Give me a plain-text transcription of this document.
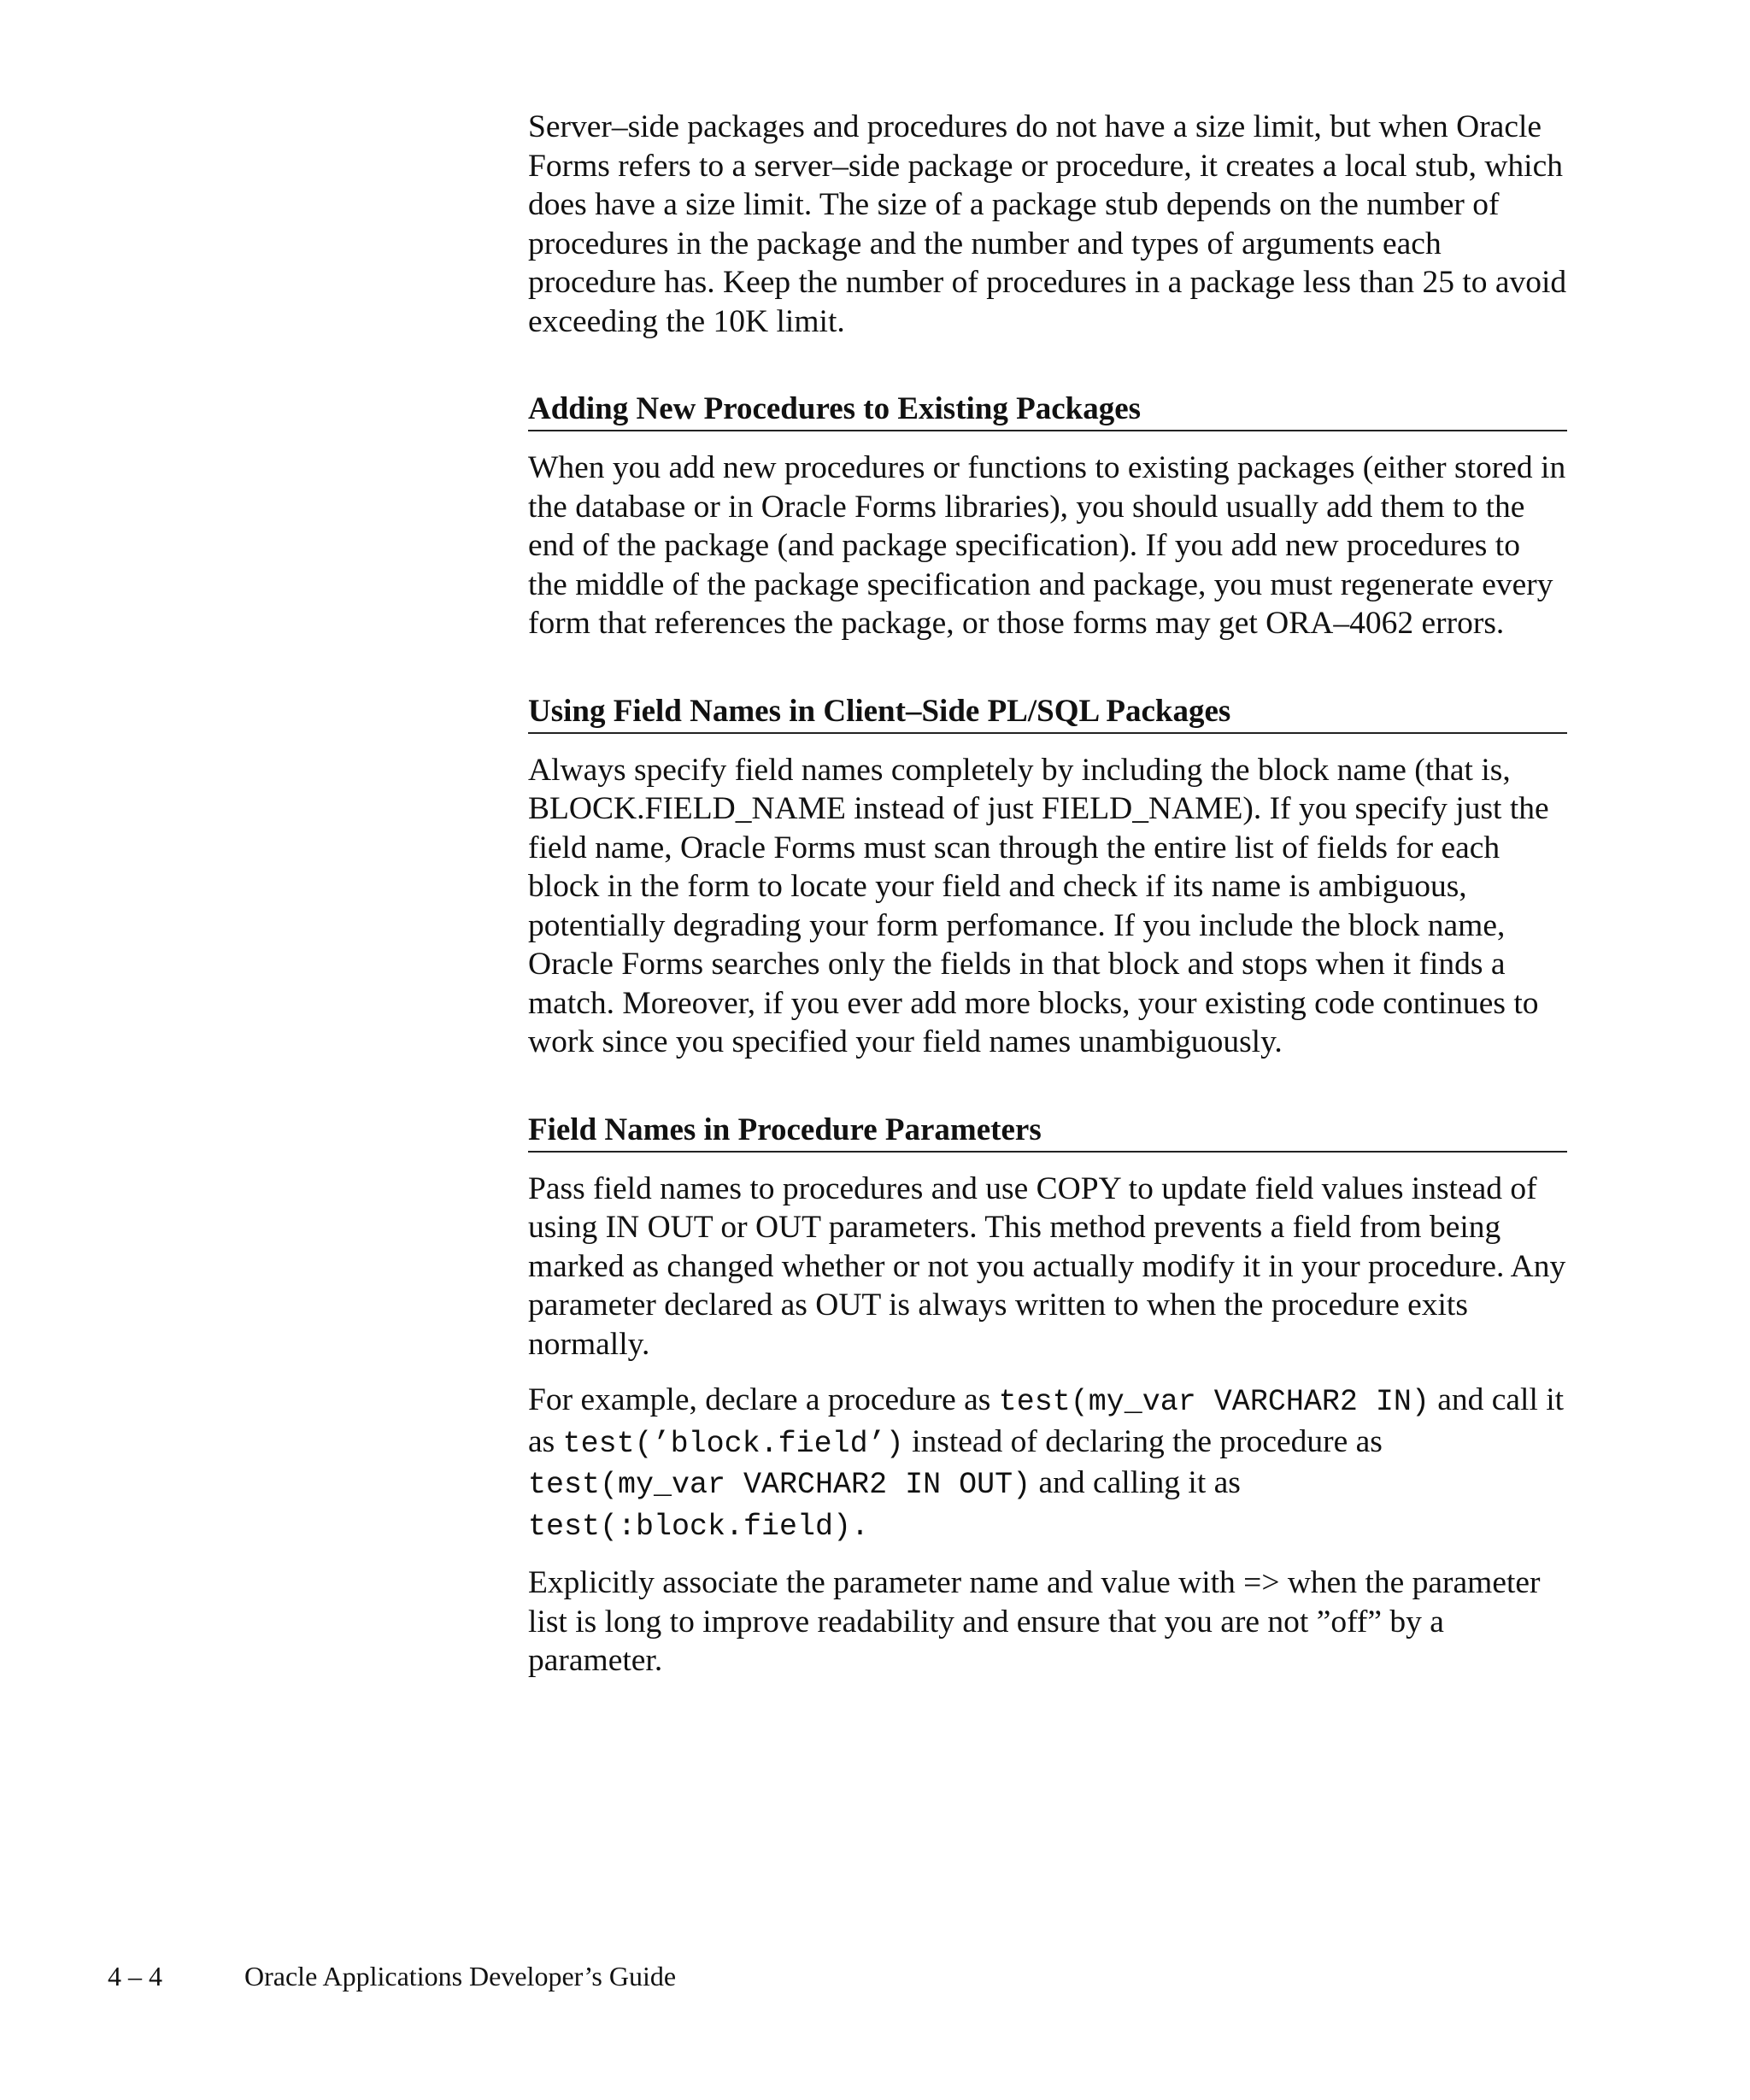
Server–side packages and procedures do not have a size limit, but when Oracle Forms refers to a server–side package or procedure, it creates a local stub, which does have a size limit. The size of a package stub depends on the number of procedures in the package and the number and types of arguments each procedure has. Keep the number of procedures in a package less than 25 to avoid exceeding the 10K limit.

Adding New Procedures to Existing Packages

When you add new procedures or functions to existing packages (either stored in the database or in Oracle Forms libraries), you should usually add them to the end of the package (and package specification). If you add new procedures to the middle of the package specification and package, you must regenerate every form that references the package, or those forms may get ORA–4062 errors.

Using Field Names in Client–Side PL/SQL Packages

Always specify field names completely by including the block name (that is, BLOCK.FIELD_NAME instead of just FIELD_NAME). If you specify just the field name, Oracle Forms must scan through the entire list of fields for each block in the form to locate your field and check if its name is ambiguous, potentially degrading your form perfomance. If you include the block name, Oracle Forms searches only the fields in that block and stops when it finds a match. Moreover, if you ever add more blocks, your existing code continues to work since you specified your field names unambiguously.

Field Names in Procedure Parameters

Pass field names to procedures and use COPY to update field values instead of using IN OUT or OUT parameters. This method prevents a field from being marked as changed whether or not you actually modify it in your procedure. Any parameter declared as OUT is always written to when the procedure exits normally.

For example, declare a procedure as test(my_var VARCHAR2 IN) and call it as test(’block.field’) instead of declaring the procedure as test(my_var VARCHAR2 IN OUT) and calling it as test(:block.field).

Explicitly associate the parameter name and value with => when the parameter list is long to improve readability and ensure that you are not ”off” by a parameter.

4 – 4	Oracle Applications Developer’s Guide
